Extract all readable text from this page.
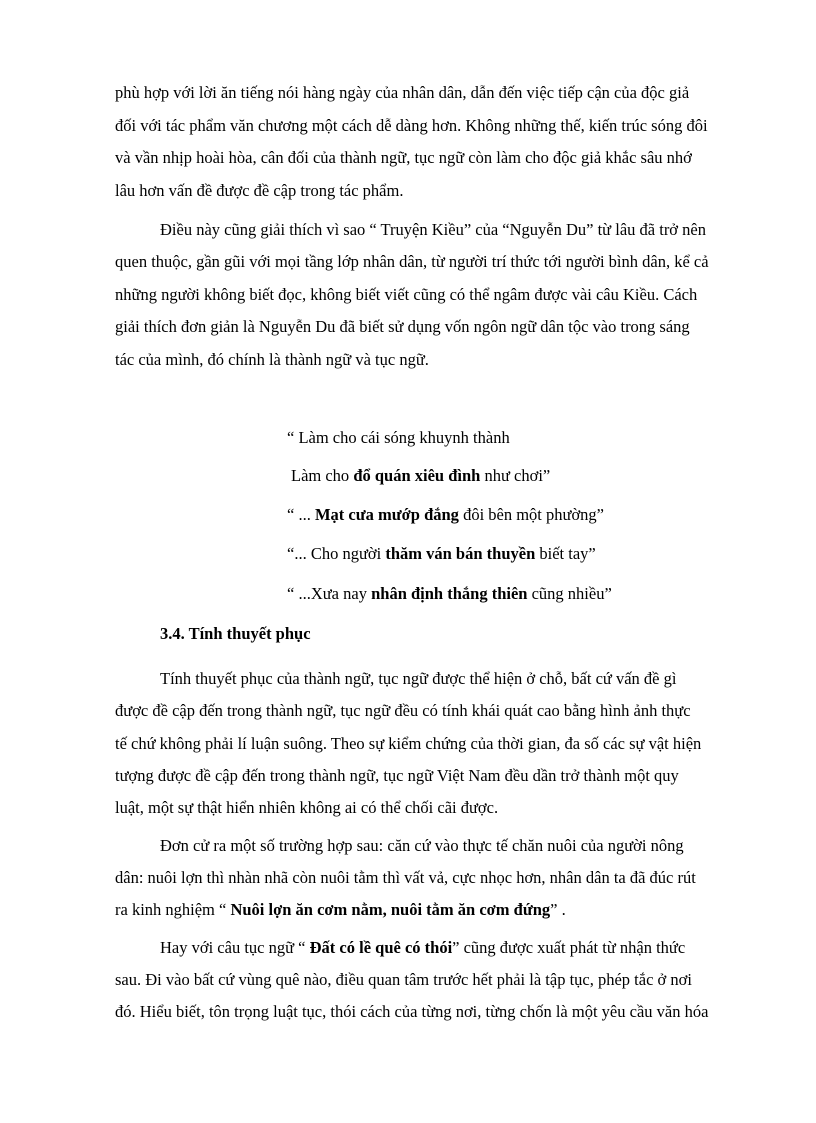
phù hợp với lời ăn tiếng nói hàng ngày của nhân dân, dẫn đến việc tiếp cận của độc giả
đối với tác phẩm văn chương một cách dễ dàng hơn. Không những thế, kiến trúc sóng đôi
và vần nhịp hoài hòa, cân đối của thành ngữ, tục ngữ còn làm cho độc giả khắc sâu nhớ
lâu hơn vấn đề được đề cập trong tác phẩm.
Điều này cũng giải thích vì sao “ Truyện Kiều” của “Nguyễn Du” từ lâu đã trở nên
quen thuộc, gần gũi với mọi tầng lớp nhân dân, từ người trí thức tới người bình dân, kể cả
những người không biết đọc, không biết viết cũng có thể ngâm được vài câu Kiều. Cách
giải thích đơn giản là Nguyễn Du đã biết sử dụng vốn ngôn ngữ dân tộc vào trong sáng
tác của mình, đó chính là thành ngữ và tục ngữ.
“ Làm cho cái sóng khuynh thành
Làm cho đổ quán xiêu đình như chơi”
“ ... Mạt cưa mướp đắng đôi bên một phường”
“... Cho người thăm ván bán thuyền biết tay”
“ ...Xưa nay nhân định thắng thiên cũng nhiều”
3.4. Tính thuyết phục
Tính thuyết phục của thành ngữ, tục ngữ được thể hiện ở chỗ, bất cứ vấn đề gì
được đề cập đến trong thành ngữ, tục ngữ đều có tính khái quát cao bằng hình ảnh thực
tế chứ không phải lí luận suông. Theo sự kiểm chứng của thời gian, đa số các sự vật hiện
tượng được đề cập đến trong thành ngữ, tục ngữ Việt Nam đều dần trở thành một quy
luật, một sự thật hiển nhiên không ai có thể chối cãi được.
Đơn cử ra một số trường hợp sau: căn cứ vào thực tế chăn nuôi của người nông
dân: nuôi lợn thì nhàn nhã còn nuôi tằm thì vất vả, cực nhọc hơn, nhân dân ta đã đúc rút
ra kinh nghiệm “ Nuôi lợn ăn cơm nằm, nuôi tằm ăn cơm đứng” .
Hay với câu tục ngữ “ Đất có lề quê có thói” cũng được xuất phát từ nhận thức
sau. Đi vào bất cứ vùng quê nào, điều quan tâm trước hết phải là tập tục, phép tắc ở nơi
đó. Hiểu biết, tôn trọng luật tục, thói cách của từng nơi, từng chốn là một yêu cầu văn hóa
